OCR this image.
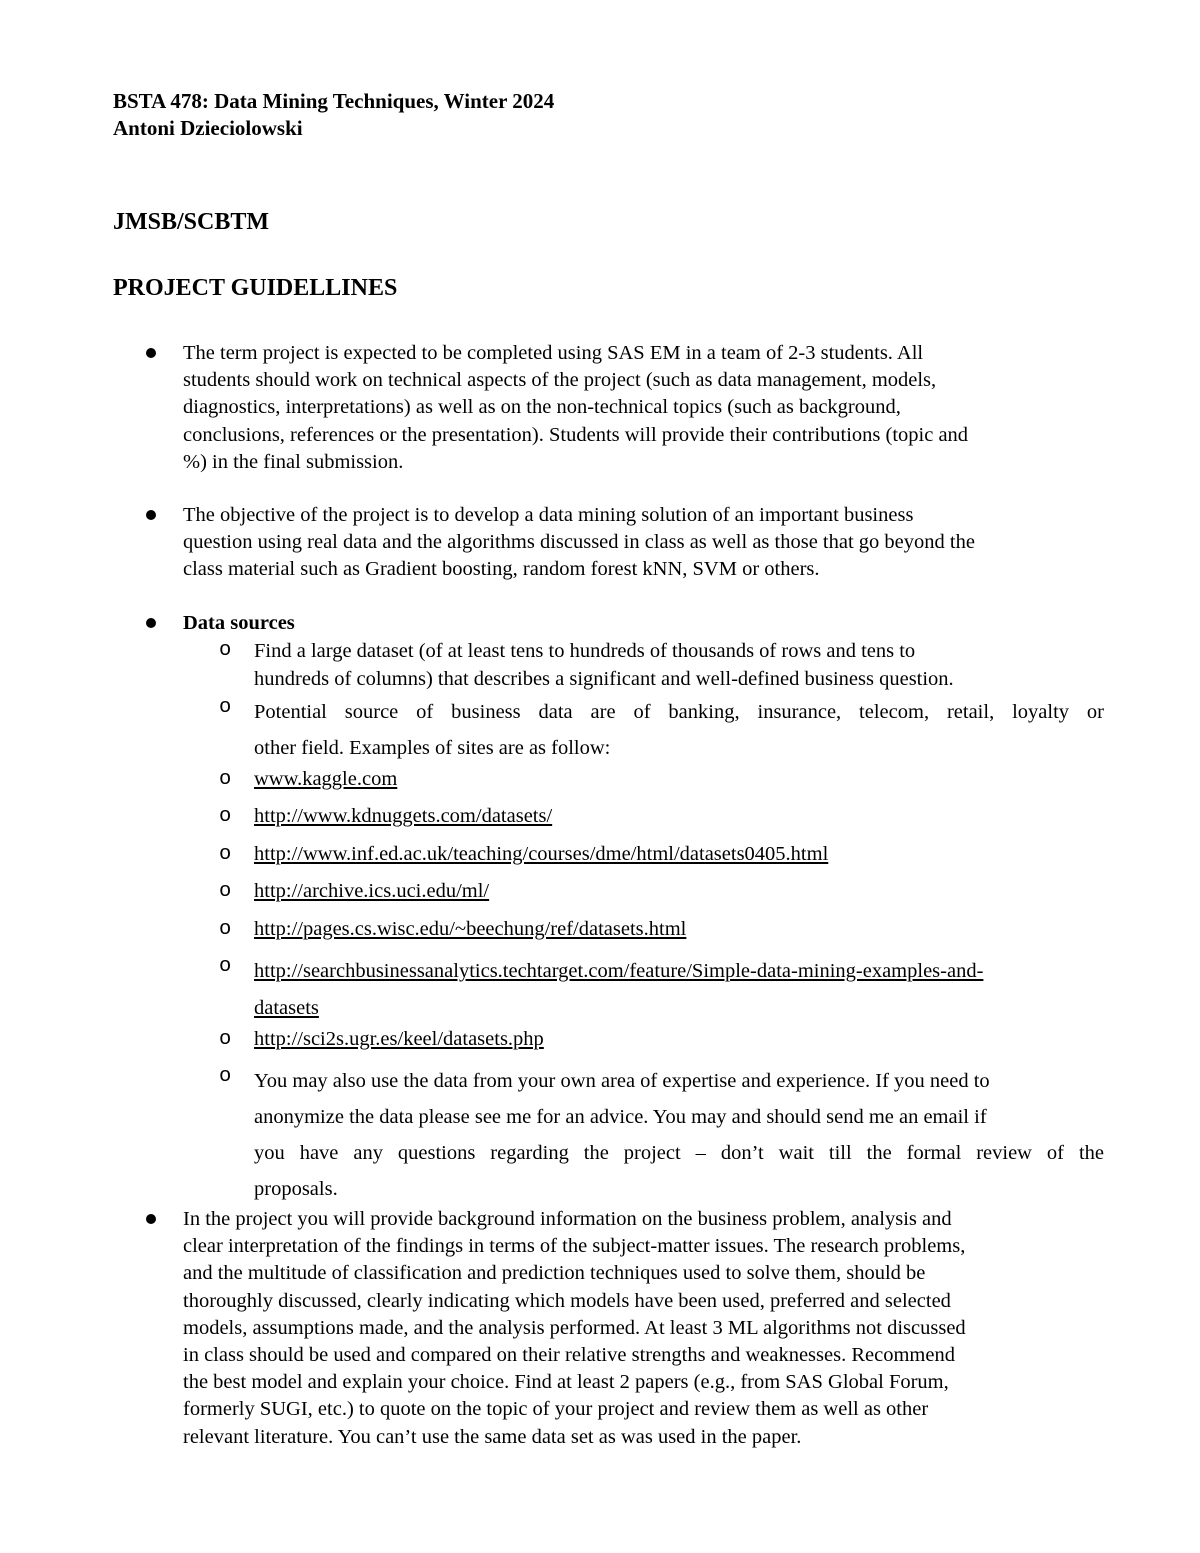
BSTA 478: Data Mining Techniques, Winter 2024

Antoni Dzieciolowski

JMSB/SCBTM
PROJECT GUIDELLINES
The term project is expected to be completed using SAS EM in a team of 2-3 students. All
students should work on technical aspects of the project (such as data management, models,
diagnostics, interpretations) as well as on the non-technical topics (such as background,
conclusions, references or the presentation). Students will provide their contributions (topic and
%) in the final submission.
The objective of the project is to develop a data mining solution of an important business
question using real data and the algorithms discussed in class as well as those that go beyond the
class material such as Gradient boosting, random forest kNN, SVM or others.
Data sources
o Find a large dataset (of at least tens to hundreds of thousands of rows and tens to
hundreds of columns) that describes a significant and well-defined business question.
o Potential source of business data are of banking, insurance, telecom, retail, loyalty or
other field. Examples of sites are as follow:
o www.kaggle.com
o http://www.kdnuggets.com/datasets/
o http://www.inf.ed.ac.uk/teaching/courses/dme/html/datasets0405.html
o http://archive.ics.uci.edu/ml/
o http://pages.cs.wisc.edu/~beechung/ref/datasets.html
o http://searchbusinessanalytics.techtarget.com/feature/Simple-data-mining-examples-and-
datasets
o http://sci2s.ugr.es/keel/datasets.php
o You may also use the data from your own area of expertise and experience. If you need to
anonymize the data please see me for an advice. You may and should send me an email if
you have any questions regarding the project – don’t wait till the formal review of the
proposals.
In the project you will provide background information on the business problem, analysis and
clear interpretation of the findings in terms of the subject-matter issues. The research problems,
and the multitude of classification and prediction techniques used to solve them, should be
thoroughly discussed, clearly indicating which models have been used, preferred and selected
models, assumptions made, and the analysis performed. At least 3 ML algorithms not discussed
in class should be used and compared on their relative strengths and weaknesses. Recommend
the best model and explain your choice. Find at least 2 papers (e.g., from SAS Global Forum,
formerly SUGI, etc.) to quote on the topic of your project and review them as well as other
relevant literature. You can’t use the same data set as was used in the paper.
